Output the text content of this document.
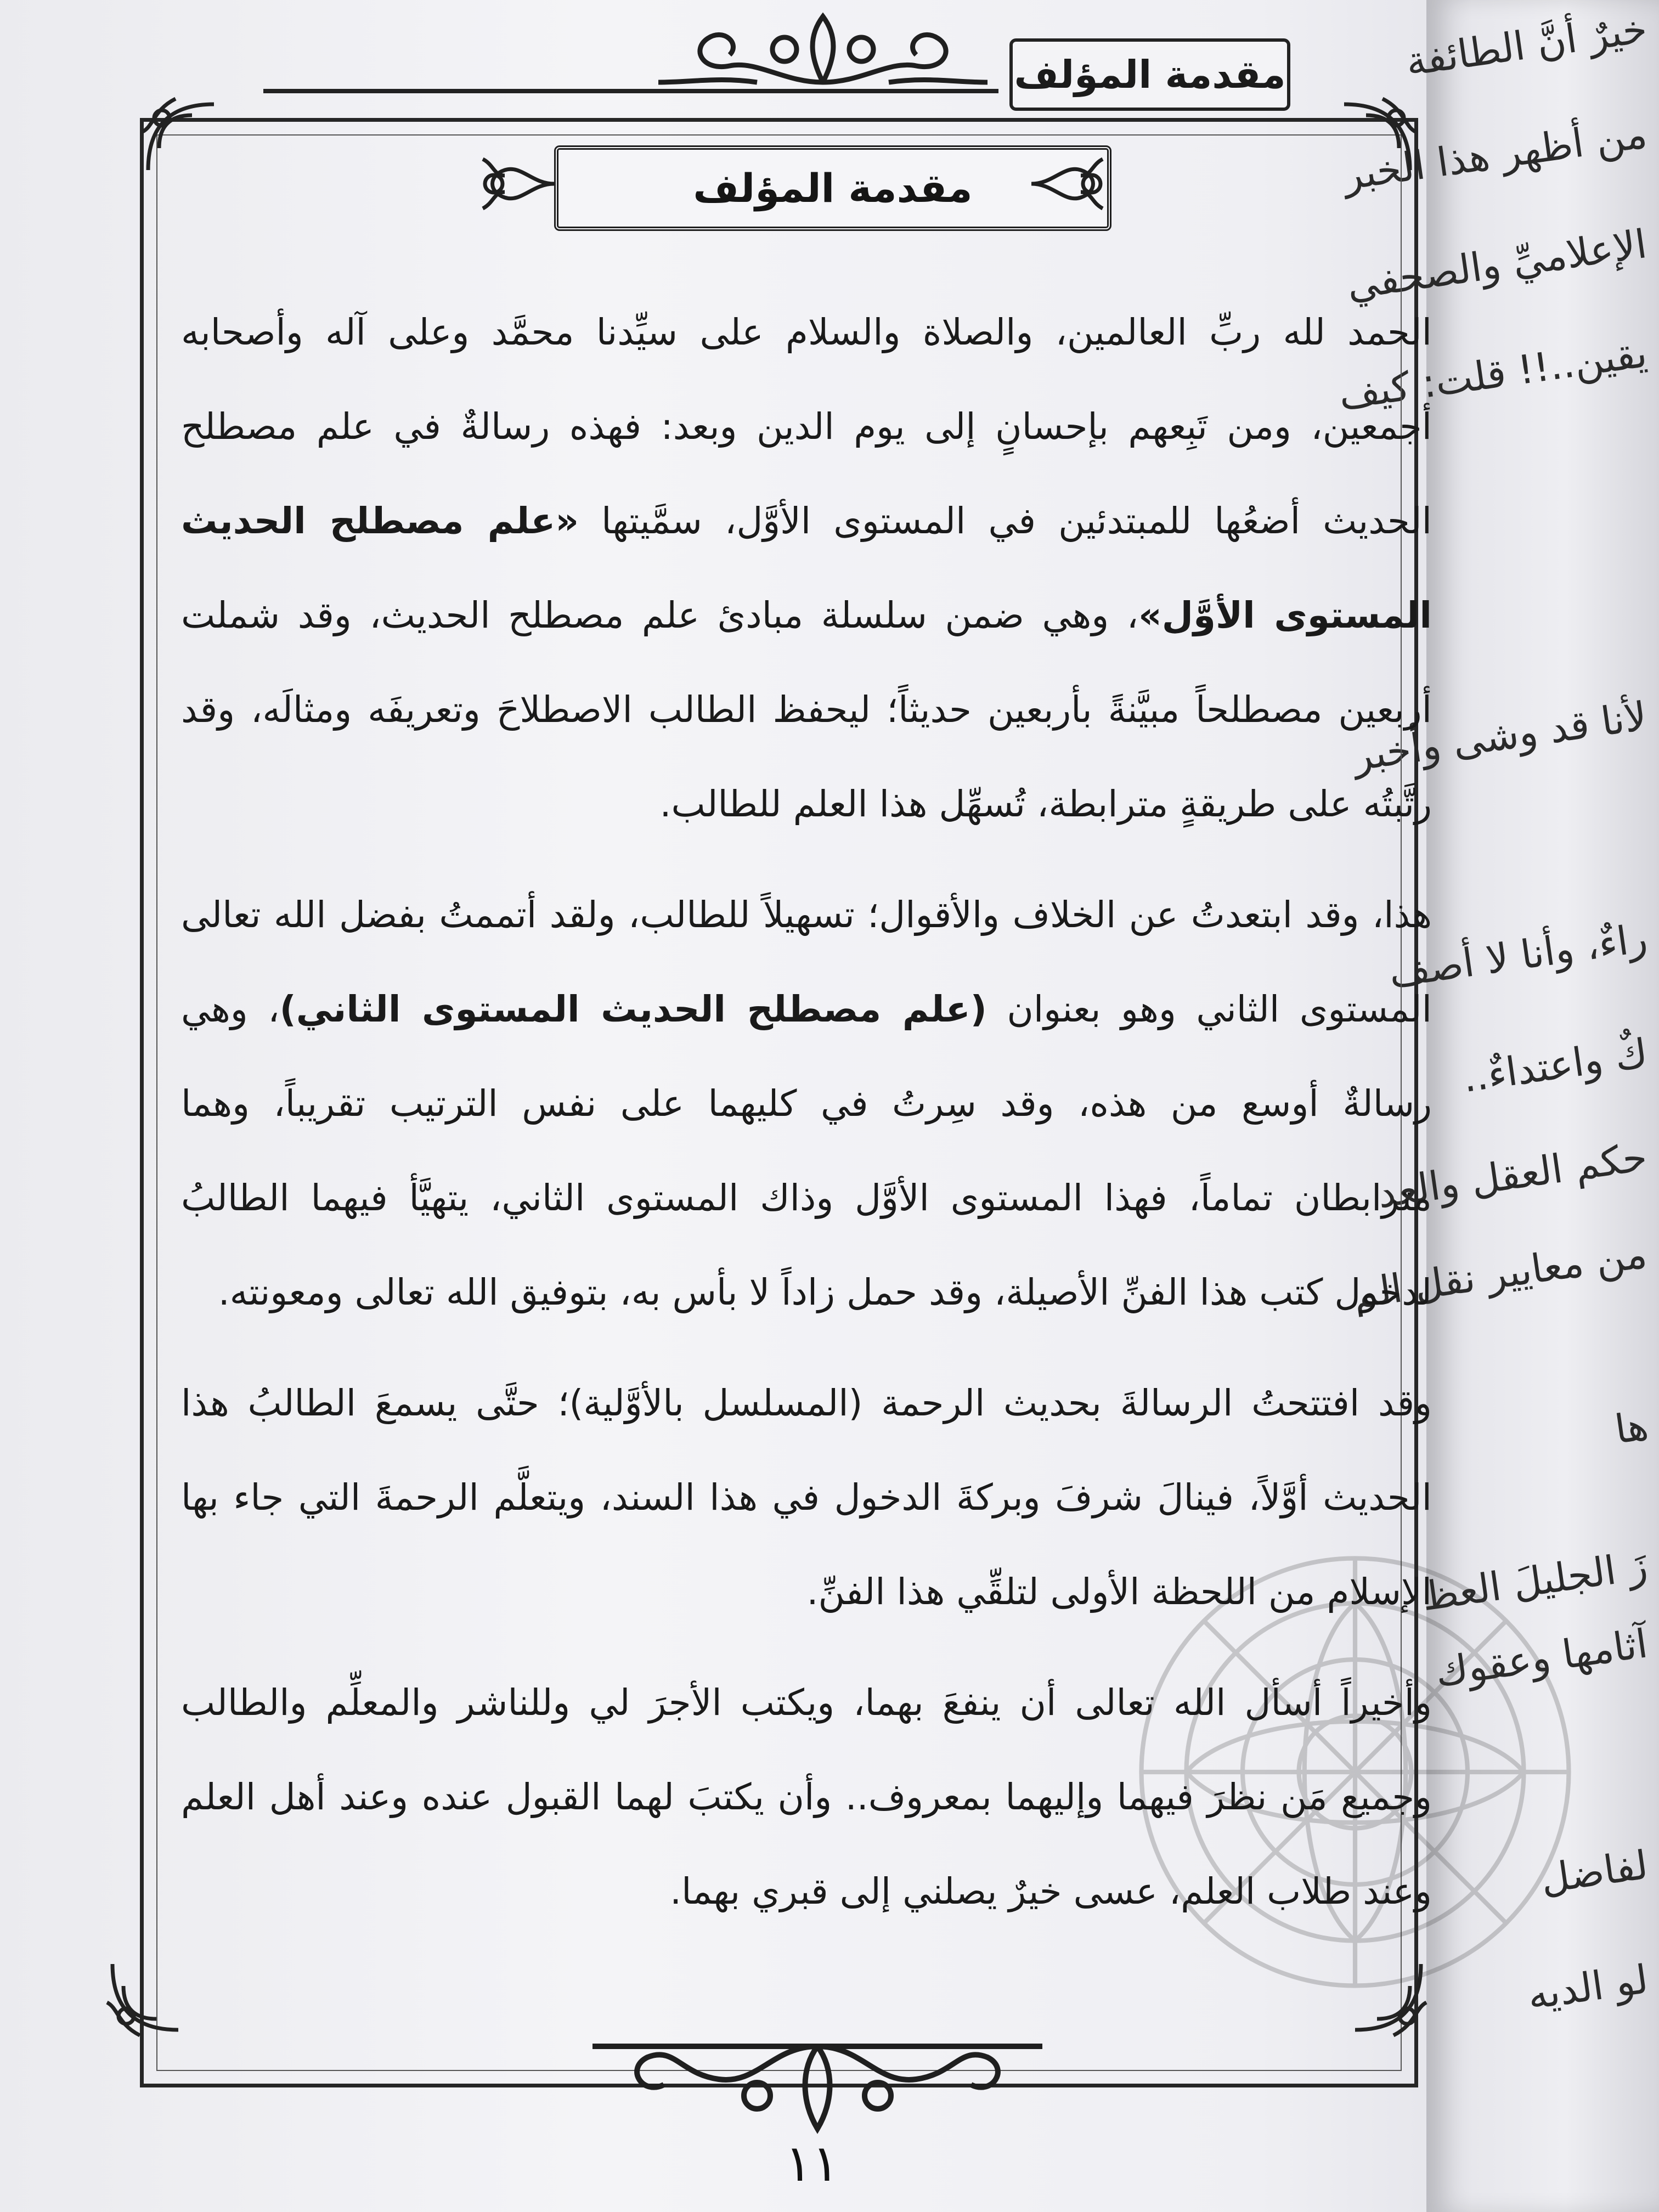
خيرٌ أنَّ الطائفة
من أظهر هذا الخبر
الإعلاميِّ والصحفي
يقين..!! قلت: كيف
لأنا قد وشى وأخبر
راءٌ، وأنا لا أصف
كٌ واعتداءٌ..
حكم العقل والعد
من معايير نقل الم
ها
زَ الجليلَ العظ
آثامها وعقوك
لفاضل
لو الديه
مقدمة المؤلف
مقدمة المؤلف

الحمد لله ربِّ العالمين، والصلاة والسلام على سيِّدنا محمَّد وعلى آله وأصحابه أجمعين، ومن تَبِعهم بإحسانٍ إلى يوم الدين وبعد: فهذه رسالةٌ في علم مصطلح الحديث أضعُها للمبتدئين في المستوى الأوَّل، سمَّيتها «علم مصطلح الحديث المستوى الأوَّل»، وهي ضمن سلسلة مبادئ علم مصطلح الحديث، وقد شملت أربعين مصطلحاً مبيَّنةً بأربعين حديثاً؛ ليحفظ الطالب الاصطلاحَ وتعريفَه ومثالَه، وقد رتَّبتُه على طريقةٍ مترابطة، تُسهِّل هذا العلم للطالب.

هذا، وقد ابتعدتُ عن الخلاف والأقوال؛ تسهيلاً للطالب، ولقد أتممتُ بفضل الله تعالى المستوى الثاني وهو بعنوان (علم مصطلح الحديث المستوى الثاني)، وهي رسالةٌ أوسع من هذه، وقد سِرتُ في كليهما على نفس الترتيب تقريباً، وهما مترابطان تماماً، فهذا المستوى الأوَّل وذاك المستوى الثاني، يتهيَّأ فيهما الطالبُ لدخول كتب هذا الفنِّ الأصيلة، وقد حمل زاداً لا بأس به، بتوفيق الله تعالى ومعونته.

وقد افتتحتُ الرسالةَ بحديث الرحمة (المسلسل بالأوَّلية)؛ حتَّى يسمعَ الطالبُ هذا الحديث أوَّلاً، فينالَ شرفَ وبركةَ الدخول في هذا السند، ويتعلَّم الرحمةَ التي جاء بها الإسلام من اللحظة الأولى لتلقِّي هذا الفنِّ.

وأخيراً أسأل الله تعالى أن ينفعَ بهما، ويكتب الأجرَ لي وللناشر والمعلِّم والطالب وجميع مَن نظرَ فيهما وإليهما بمعروف.. وأن يكتبَ لهما القبول عنده وعند أهل العلم وعند طلاب العلم، عسى خيرٌ يصلني إلى قبري بهما.

١١
